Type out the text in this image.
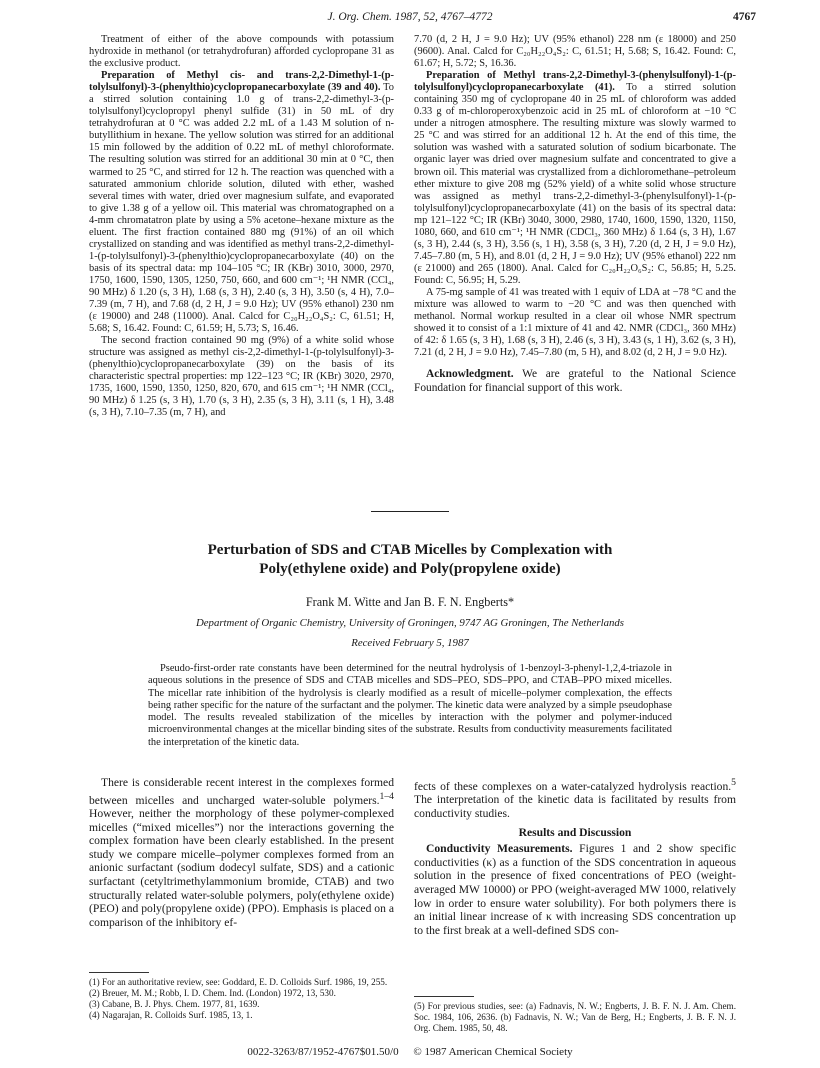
J. Org. Chem. 1987, 52, 4767–4772	4767

Treatment of either of the above compounds with potassium hydroxide in methanol (or tetrahydrofuran) afforded cyclopropane 31 as the exclusive product.

Preparation of Methyl cis- and trans-2,2-Dimethyl-1-(p-tolylsulfonyl)-3-(phenylthio)cyclopropanecarboxylate (39 and 40). To a stirred solution containing 1.0 g of trans-2,2-dimethyl-3-(p-tolylsulfonyl)cyclopropyl phenyl sulfide (31) in 50 mL of dry tetrahydrofuran at 0 °C was added 2.2 mL of a 1.43 M solution of n-butyllithium in hexane. The yellow solution was stirred for an additional 15 min followed by the addition of 0.22 mL of methyl chloroformate. The resulting solution was stirred for an additional 30 min at 0 °C, then warmed to 25 °C, and stirred for 12 h. The reaction was quenched with a saturated ammonium chloride solution, diluted with ether, washed several times with water, dried over magnesium sulfate, and evaporated to give 1.38 g of a yellow oil. This material was chromatographed on a 4-mm chromatatron plate by using a 5% acetone–hexane mixture as the eluent. The first fraction contained 880 mg (91%) of an oil which crystallized on standing and was identified as methyl trans-2,2-dimethyl-1-(p-tolylsulfonyl)-3-(phenylthio)cyclopropanecarboxylate (40) on the basis of its spectral data: mp 104–105 °C; IR (KBr) 3010, 3000, 2970, 1750, 1600, 1590, 1305, 1250, 750, 660, and 600 cm⁻¹; ¹H NMR (CCl₄, 90 MHz) δ 1.20 (s, 3 H), 1.68 (s, 3 H), 2.40 (s, 3 H), 3.50 (s, 4 H), 7.0–7.39 (m, 7 H), and 7.68 (d, 2 H, J = 9.0 Hz); UV (95% ethanol) 230 nm (ε 19000) and 248 (11000). Anal. Calcd for C₂₀H₂₂O₄S₂: C, 61.51; H, 5.68; S, 16.42. Found: C, 61.59; H, 5.73; S, 16.46.

The second fraction contained 90 mg (9%) of a white solid whose structure was assigned as methyl cis-2,2-dimethyl-1-(p-tolylsulfonyl)-3-(phenylthio)cyclopropanecarboxylate (39) on the basis of its characteristic spectral properties: mp 122–123 °C; IR (KBr) 3020, 2970, 1735, 1600, 1590, 1350, 1250, 820, 670, and 615 cm⁻¹; ¹H NMR (CCl₄, 90 MHz) δ 1.25 (s, 3 H), 1.70 (s, 3 H), 2.35 (s, 3 H), 3.11 (s, 1 H), 3.48 (s, 3 H), 7.10–7.35 (m, 7 H), and

7.70 (d, 2 H, J = 9.0 Hz); UV (95% ethanol) 228 nm (ε 18000) and 250 (9600). Anal. Calcd for C₂₀H₂₂O₄S₂: C, 61.51; H, 5.68; S, 16.42. Found: C, 61.67; H, 5.72; S, 16.36.

Preparation of Methyl trans-2,2-Dimethyl-3-(phenylsulfonyl)-1-(p-tolylsulfonyl)cyclopropanecarboxylate (41). To a stirred solution containing 350 mg of cyclopropane 40 in 25 mL of chloroform was added 0.33 g of m-chloroperoxybenzoic acid in 25 mL of chloroform at −10 °C under a nitrogen atmosphere. The resulting mixture was slowly warmed to 25 °C and was stirred for an additional 12 h. At the end of this time, the solution was washed with a saturated solution of sodium bicarbonate. The organic layer was dried over magnesium sulfate and concentrated to give a brown oil. This material was crystallized from a dichloromethane–petroleum ether mixture to give 208 mg (52% yield) of a white solid whose structure was assigned as methyl trans-2,2-dimethyl-3-(phenylsulfonyl)-1-(p-tolylsulfonyl)cyclopropanecarboxylate (41) on the basis of its spectral data: mp 121–122 °C; IR (KBr) 3040, 3000, 2980, 1740, 1600, 1590, 1320, 1150, 1080, 660, and 610 cm⁻¹; ¹H NMR (CDCl₃, 360 MHz) δ 1.64 (s, 3 H), 1.67 (s, 3 H), 2.44 (s, 3 H), 3.56 (s, 1 H), 3.58 (s, 3 H), 7.20 (d, 2 H, J = 9.0 Hz), 7.45–7.80 (m, 5 H), and 8.01 (d, 2 H, J = 9.0 Hz); UV (95% ethanol) 222 nm (ε 21000) and 265 (1800). Anal. Calcd for C₂₀H₂₂O₆S₂: C, 56.85; H, 5.25. Found: C, 56.95; H, 5.29.

A 75-mg sample of 41 was treated with 1 equiv of LDA at −78 °C and the mixture was allowed to warm to −20 °C and was then quenched with methanol. Normal workup resulted in a clear oil whose NMR spectrum showed it to consist of a 1:1 mixture of 41 and 42. NMR (CDCl₃, 360 MHz) of 42: δ 1.65 (s, 3 H), 1.68 (s, 3 H), 2.46 (s, 3 H), 3.43 (s, 1 H), 3.62 (s, 3 H), 7.21 (d, 2 H, J = 9.0 Hz), 7.45–7.80 (m, 5 H), and 8.02 (d, 2 H, J = 9.0 Hz).

Acknowledgment. We are grateful to the National Science Foundation for financial support of this work.

Perturbation of SDS and CTAB Micelles by Complexation with
Poly(ethylene oxide) and Poly(propylene oxide)
Frank M. Witte and Jan B. F. N. Engberts*
Department of Organic Chemistry, University of Groningen, 9747 AG Groningen, The Netherlands
Received February 5, 1987

Pseudo-first-order rate constants have been determined for the neutral hydrolysis of 1-benzoyl-3-phenyl-1,2,4-triazole in aqueous solutions in the presence of SDS and CTAB micelles and SDS–PEO, SDS–PPO, and CTAB–PPO mixed micelles. The micellar rate inhibition of the hydrolysis is clearly modified as a result of micelle–polymer complexation, the effects being rather specific for the nature of the surfactant and the polymer. The kinetic data were analyzed by a simple pseudophase model. The results revealed stabilization of the micelles by interaction with the polymer and polymer-induced microenvironmental changes at the micellar binding sites of the substrate. Results from conductivity measurements facilitated the interpretation of the kinetic data.

There is considerable recent interest in the complexes formed between micelles and uncharged water-soluble polymers.$^{1-4}$ However, neither the morphology of these polymer-complexed micelles (“mixed micelles”) nor the interactions governing the complex formation have been clearly established. In the present study we compare micelle–polymer complexes formed from an anionic surfactant (sodium dodecyl sulfate, SDS) and a cationic surfactant (cetyltrimethylammonium bromide, CTAB) and two structurally related water-soluble polymers, poly(ethylene oxide) (PEO) and poly(propylene oxide) (PPO). Emphasis is placed on a comparison of the inhibitory ef-

fects of these complexes on a water-catalyzed hydrolysis reaction.$^5$ The interpretation of the kinetic data is facilitated by results from conductivity studies.

Results and Discussion

Conductivity Measurements. Figures 1 and 2 show specific conductivities (κ) as a function of the SDS concentration in aqueous solution in the presence of fixed concentrations of PEO (weight-averaged MW 10000) or PPO (weight-averaged MW 1000, relatively low in order to ensure water solubility). For both polymers there is an initial linear increase of κ with increasing SDS concentration up to the first break at a well-defined SDS con-

(1) For an authoritative review, see: Goddard, E. D. Colloids Surf. 1986, 19, 255.
(2) Breuer, M. M.; Robb, I. D. Chem. Ind. (London) 1972, 13, 530.
(3) Cabane, B. J. Phys. Chem. 1977, 81, 1639.
(4) Nagarajan, R. Colloids Surf. 1985, 13, 1.
(5) For previous studies, see: (a) Fadnavis, N. W.; Engberts, J. B. F. N. J. Am. Chem. Soc. 1984, 106, 2636. (b) Fadnavis, N. W.; Van de Berg, H.; Engberts, J. B. F. N. J. Org. Chem. 1985, 50, 48.
0022-3263/87/1952-4767$01.50/0 © 1987 American Chemical Society
